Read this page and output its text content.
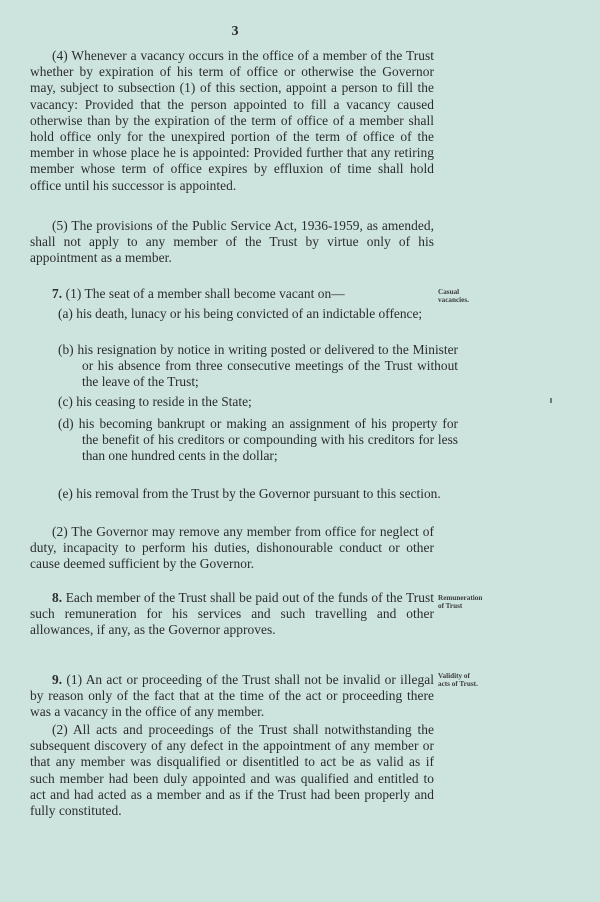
3

(4) Whenever a vacancy occurs in the office of a member of the Trust whether by expiration of his term of office or otherwise the Governor may, subject to subsection (1) of this section, appoint a person to fill the vacancy: Provided that the person appointed to fill a vacancy caused otherwise than by the expiration of the term of office of a member shall hold office only for the unexpired portion of the term of office of the member in whose place he is appointed: Provided further that any retiring member whose term of office expires by effluxion of time shall hold office until his successor is appointed.

(5) The provisions of the Public Service Act, 1936-1959, as amended, shall not apply to any member of the Trust by virtue only of his appointment as a member.

7. (1) The seat of a member shall become vacant on—

(a) his death, lunacy or his being convicted of an indictable offence;

(b) his resignation by notice in writing posted or delivered to the Minister or his absence from three consecutive meetings of the Trust without the leave of the Trust;

(c) his ceasing to reside in the State;

(d) his becoming bankrupt or making an assignment of his property for the benefit of his creditors or compounding with his creditors for less than one hundred cents in the dollar;

(e) his removal from the Trust by the Governor pursuant to this section.

(2) The Governor may remove any member from office for neglect of duty, incapacity to perform his duties, dishonourable conduct or other cause deemed sufficient by the Governor.

8. Each member of the Trust shall be paid out of the funds of the Trust such remuneration for his services and such travelling and other allowances, if any, as the Governor approves.

9. (1) An act or proceeding of the Trust shall not be invalid or illegal by reason only of the fact that at the time of the act or proceeding there was a vacancy in the office of any member.

(2) All acts and proceedings of the Trust shall notwithstanding the subsequent discovery of any defect in the appointment of any member or that any member was disqualified or disentitled to act be as valid as if such member had been duly appointed and was qualified and entitled to act and had acted as a member and as if the Trust had been properly and fully constituted.

Casual
vacancies.
Remuneration
of Trust
Validity of
acts of Trust.
